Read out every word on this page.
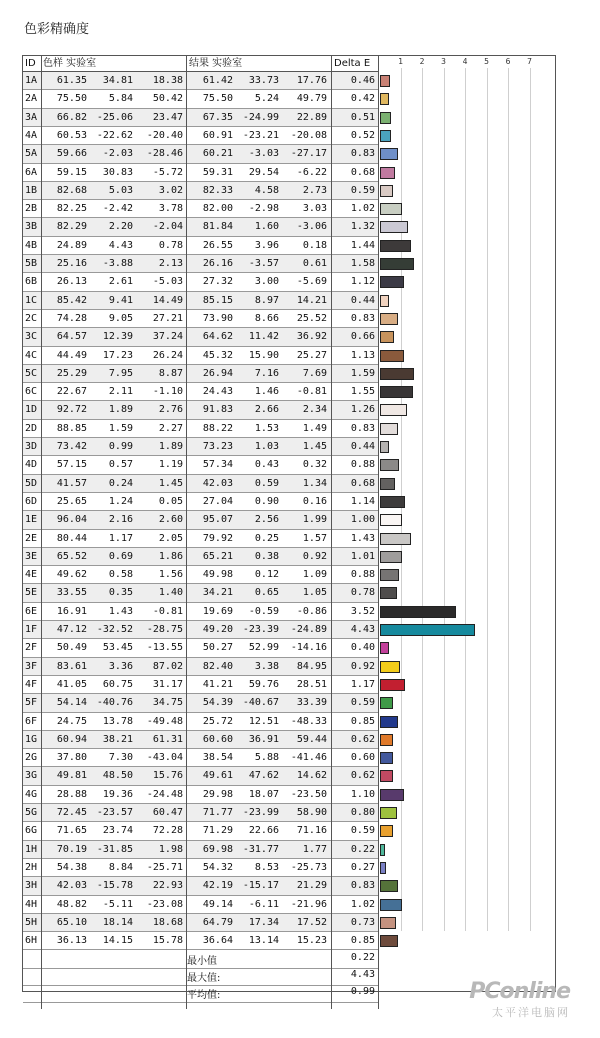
色彩精确度
ID 色样 实验室	结果 实验室	Delta E	1	2	3	4	5	6	7
1A	61.35	34.81	18.38	61.42	33.73	17.76	0.46
2A	75.50	5.84	50.42	75.50	5.24	49.79	0.42
3A	66.82 -25.06	23.47	67.35 -24.99	22.89	0.51
4A	60.53 -22.62	-20.40	60.91 -23.21	-20.08	0.52
5A	59.66	-2.03	-28.46	60.21	-3.03	-27.17	0.83
6A	59.15	30.83	-5.72	59.31	29.54	-6.22	0.68
1B	82.68	5.03	3.02	82.33	4.58	2.73	0.59
2B	82.25	-2.42	3.78	82.00	-2.98	3.03	1.02
3B	82.29	2.20	-2.04	81.84	1.60	-3.06	1.32
4B	24.89	4.43	0.78	26.55	3.96	0.18	1.44
5B	25.16	-3.88	2.13	26.16	-3.57	0.61	1.58
6B	26.13	2.61	-5.03	27.32	3.00	-5.69	1.12
1C	85.42	9.41	14.49	85.15	8.97	14.21	0.44
2C	74.28	9.05	27.21	73.90	8.66	25.52	0.83
3C	64.57	12.39	37.24	64.62	11.42	36.92	0.66
4C	44.49	17.23	26.24	45.32	15.90	25.27	1.13
5C	25.29	7.95	8.87	26.94	7.16	7.69	1.59
6C	22.67	2.11	-1.10	24.43	1.46	-0.81	1.55
1D	92.72	1.89	2.76	91.83	2.66	2.34	1.26
2D	88.85	1.59	2.27	88.22	1.53	1.49	0.83
3D	73.42	0.99	1.89	73.23	1.03	1.45	0.44
4D	57.15	0.57	1.19	57.34	0.43	0.32	0.88
5D	41.57	0.24	1.45	42.03	0.59	1.34	0.68
6D	25.65	1.24	0.05	27.04	0.90	0.16	1.14
1E	96.04	2.16	2.60	95.07	2.56	1.99	1.00
2E	80.44	1.17	2.05	79.92	0.25	1.57	1.43
3E	65.52	0.69	1.86	65.21	0.38	0.92	1.01
4E	49.62	0.58	1.56	49.98	0.12	1.09	0.88
5E	33.55	0.35	1.40	34.21	0.65	1.05	0.78
6E	16.91	1.43	-0.81	19.69	-0.59	-0.86	3.52
1F	47.12 -32.52	-28.75	49.20 -23.39	-24.89	4.43
2F	50.49	53.45	-13.55	50.27	52.99	-14.16	0.40
3F	83.61	3.36	87.02	82.40	3.38	84.95	0.92
4F	41.05	60.75	31.17	41.21	59.76	28.51	1.17
5F	54.14 -40.76	34.75	54.39 -40.67	33.39	0.59
6F	24.75	13.78	-49.48	25.72	12.51	-48.33	0.85
1G	60.94	38.21	61.31	60.60	36.91	59.44	0.62
2G	37.80	7.30	-43.04	38.54	5.88	-41.46	0.60
3G	49.81	48.50	15.76	49.61	47.62	14.62	0.62
4G	28.88	19.36	-24.48	29.98	18.07	-23.50	1.10
5G	72.45 -23.57	60.47	71.77 -23.99	58.90	0.80
6G	71.65	23.74	72.28	71.29	22.66	71.16	0.59
1H	70.19 -31.85	1.98	69.98 -31.77	1.77	0.22
2H	54.38	8.84	-25.71	54.32	8.53	-25.73	0.27
3H	42.03 -15.78	22.93	42.19 -15.17	21.29	0.83
4H	48.82	-5.11	-23.08	49.14	-6.11	-21.96	1.02
5H	65.10	18.14	18.68	64.79	17.34	17.52	0.73
6H	36.13	14.15	15.78	36.64	13.14	15.23	0.85
最小值	0.22
最大值:	4.43
平均值:	0.99	PConline
太平洋电脑网
